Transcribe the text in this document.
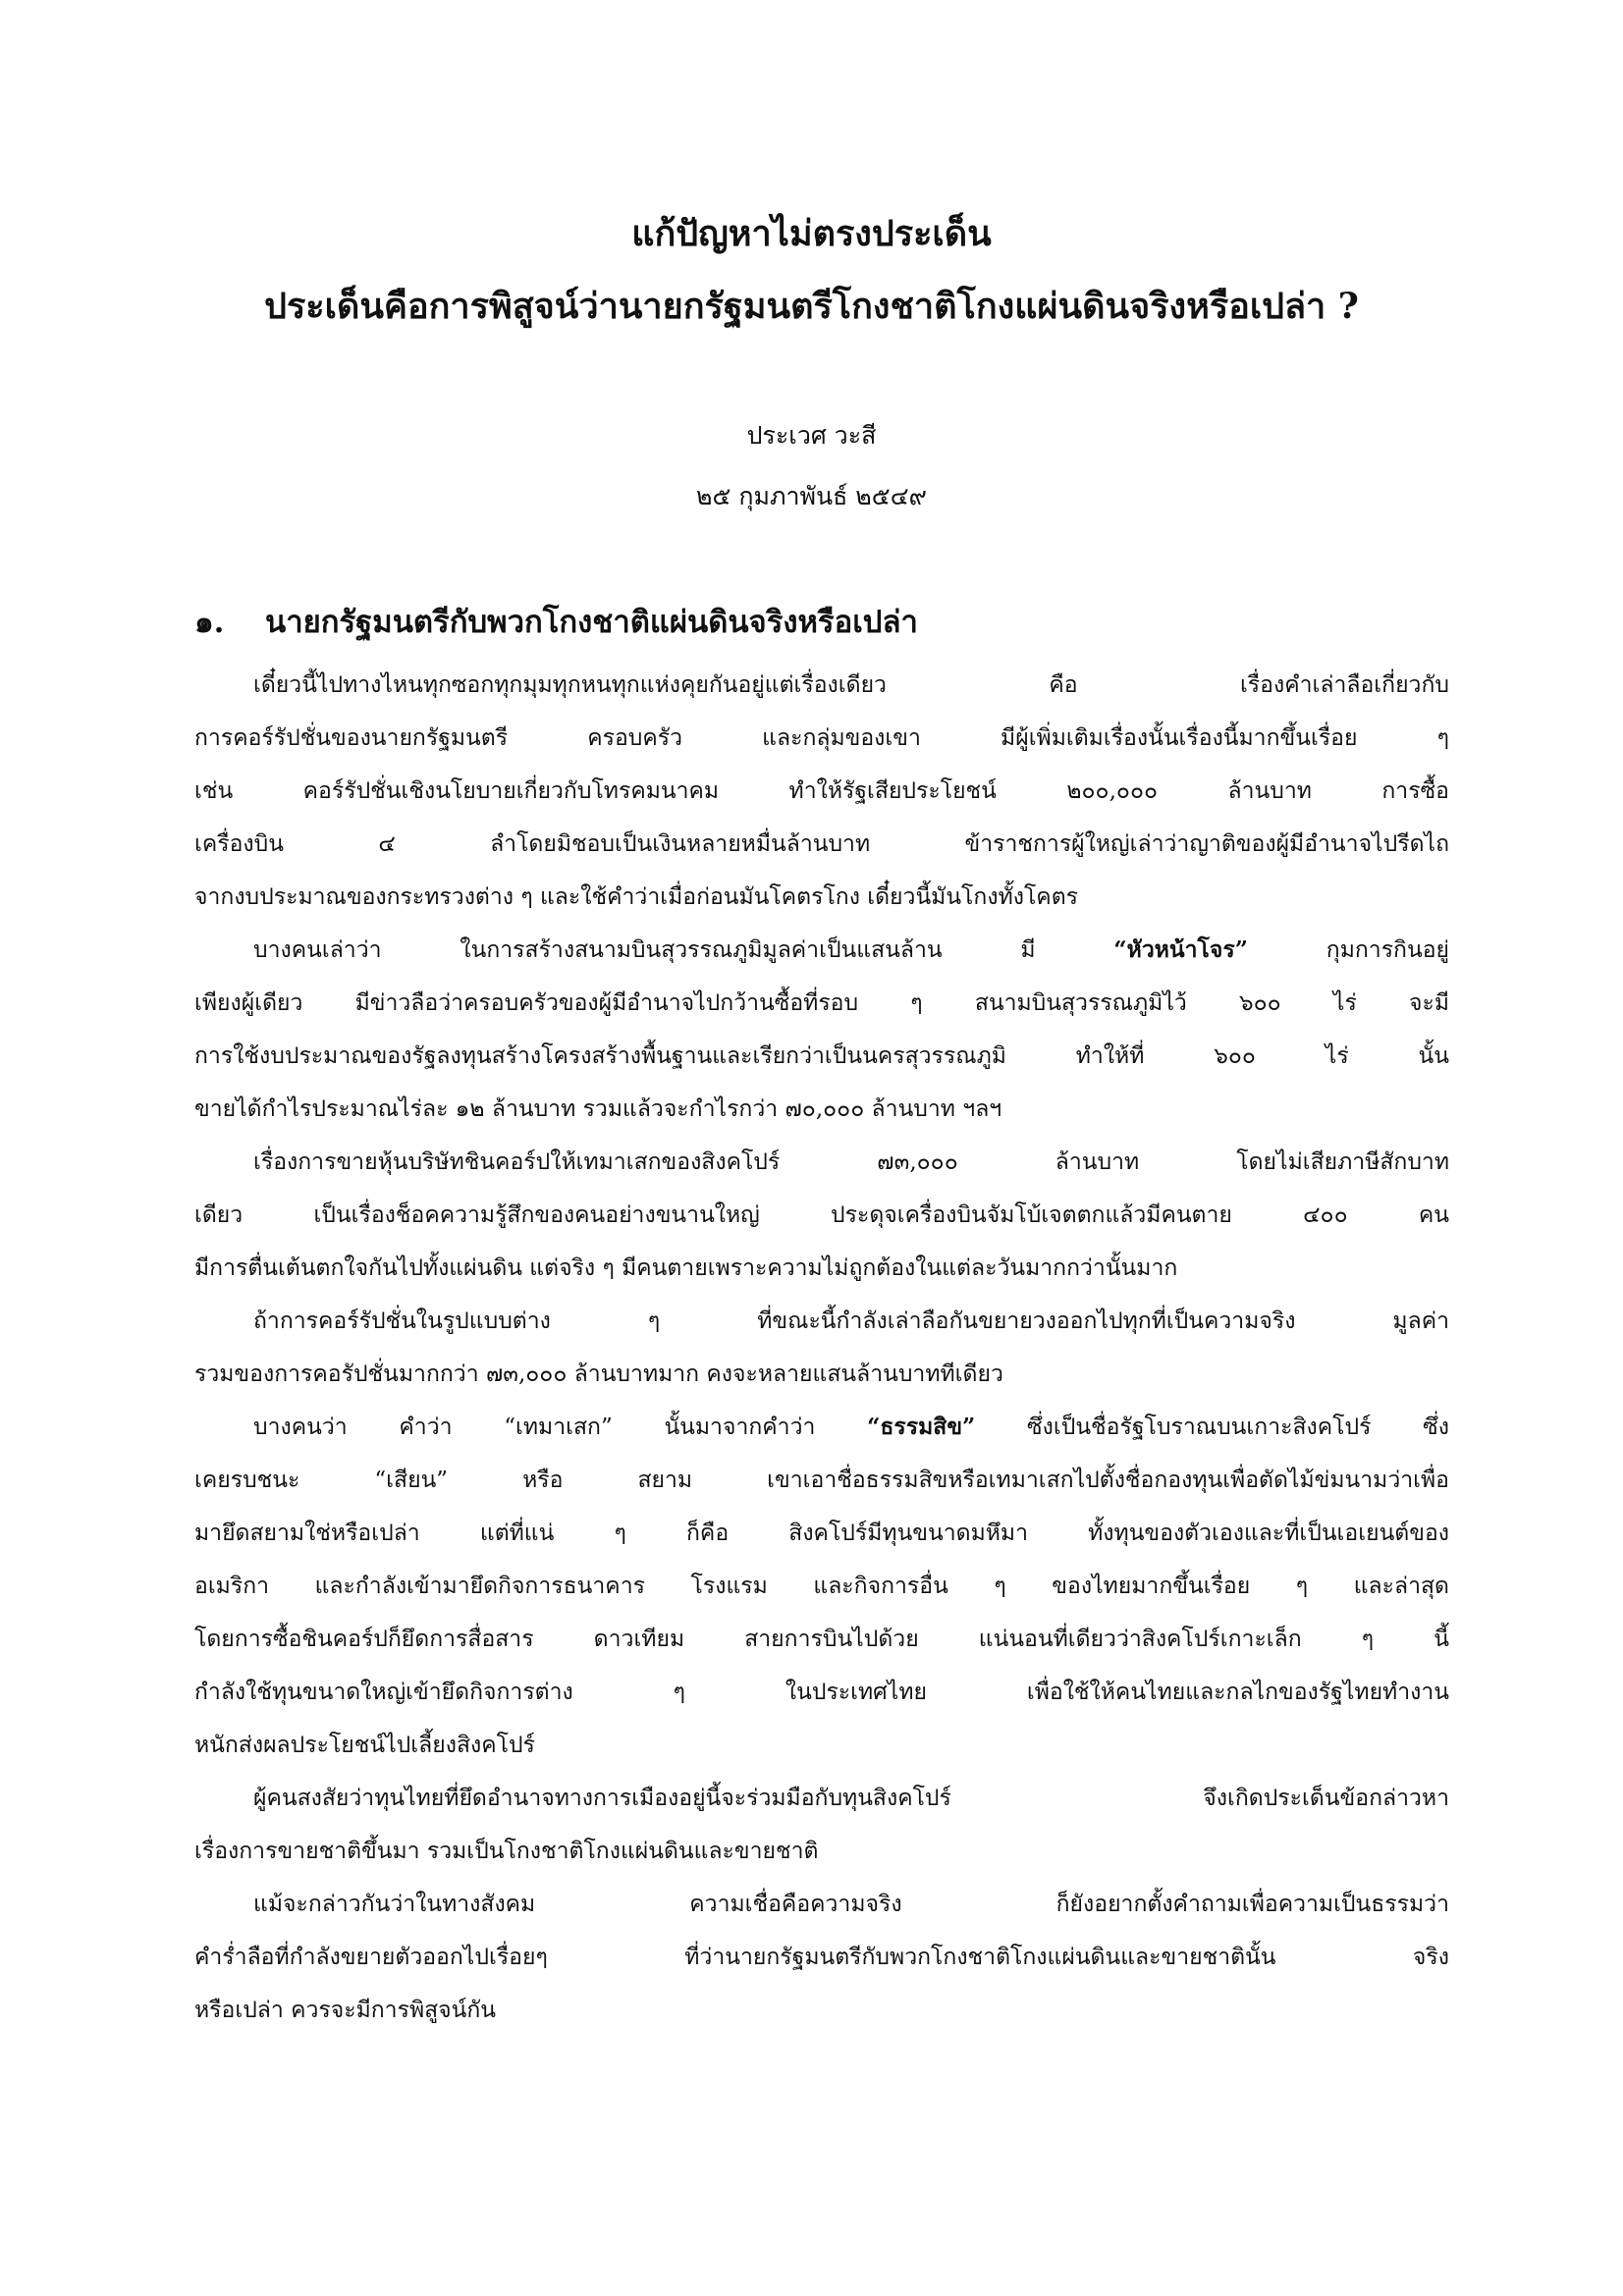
แก้ปัญหาไม่ตรงประเด็น
ประเด็นคือการพิสูจน์ว่านายกรัฐมนตรีโกงชาติโกงแผ่นดินจริงหรือเปล่า ?
ประเวศ วะสี
๒๕ กุมภาพันธ์ ๒๕๔๙
๑. นายกรัฐมนตรีกับพวกโกงชาติแผ่นดินจริงหรือเปล่า
เดี๋ยวนี้ไปทางไหนทุกซอกทุกมุมทุกหนทุกแห่งคุยกันอยู่แต่เรื่องเดียว คือ เรื่องคำเล่าลือเกี่ยวกับ
การคอร์รัปชั่นของนายกรัฐมนตรี ครอบครัว และกลุ่มของเขา มีผู้เพิ่มเติมเรื่องนั้นเรื่องนี้มากขึ้นเรื่อย ๆ
เช่น คอร์รัปชั่นเชิงนโยบายเกี่ยวกับโทรคมนาคม ทำให้รัฐเสียประโยชน์ ๒๐๐,๐๐๐ ล้านบาท การซื้อ
เครื่องบิน ๔ ลำโดยมิชอบเป็นเงินหลายหมื่นล้านบาท ข้าราชการผู้ใหญ่เล่าว่าญาติของผู้มีอำนาจไปรีดไถ
จากงบประมาณของกระทรวงต่าง ๆ และใช้คำว่าเมื่อก่อนมันโคตรโกง เดี๋ยวนี้มันโกงทั้งโคตร
บางคนเล่าว่า ในการสร้างสนามบินสุวรรณภูมิมูลค่าเป็นแสนล้าน มี “หัวหน้าโจร” กุมการกินอยู่
เพียงผู้เดียว มีข่าวลือว่าครอบครัวของผู้มีอำนาจไปกว้านซื้อที่รอบ ๆ สนามบินสุวรรณภูมิไว้ ๖๐๐ ไร่ จะมี
การใช้งบประมาณของรัฐลงทุนสร้างโครงสร้างพื้นฐานและเรียกว่าเป็นนครสุวรรณภูมิ ทำให้ที่ ๖๐๐ ไร่ นั้น
ขายได้กำไรประมาณไร่ละ ๑๒ ล้านบาท รวมแล้วจะกำไรกว่า ๗๐,๐๐๐ ล้านบาท ฯลฯ
เรื่องการขายหุ้นบริษัทชินคอร์ปให้เทมาเสกของสิงคโปร์ ๗๓,๐๐๐ ล้านบาท โดยไม่เสียภาษีสักบาท
เดียว เป็นเรื่องช็อคความรู้สึกของคนอย่างขนานใหญ่ ประดุจเครื่องบินจัมโบ้เจตตกแล้วมีคนตาย ๔๐๐ คน
มีการตื่นเต้นตกใจกันไปทั้งแผ่นดิน แต่จริง ๆ มีคนตายเพราะความไม่ถูกต้องในแต่ละวันมากกว่านั้นมาก
ถ้าการคอร์รัปชั่นในรูปแบบต่าง ๆ ที่ขณะนี้กำลังเล่าลือกันขยายวงออกไปทุกที่เป็นความจริง มูลค่า
รวมของการคอรัปชั่นมากกว่า ๗๓,๐๐๐ ล้านบาทมาก คงจะหลายแสนล้านบาททีเดียว
บางคนว่า คำว่า “เทมาเสก” นั้นมาจากคำว่า “ธรรมสิข” ซึ่งเป็นชื่อรัฐโบราณบนเกาะสิงคโปร์ ซึ่ง
เคยรบชนะ “เสียน” หรือ สยาม เขาเอาชื่อธรรมสิขหรือเทมาเสกไปตั้งชื่อกองทุนเพื่อตัดไม้ข่มนามว่าเพื่อ
มายึดสยามใช่หรือเปล่า แต่ที่แน่ ๆ ก็คือ สิงคโปร์มีทุนขนาดมหึมา ทั้งทุนของตัวเองและที่เป็นเอเยนต์ของ
อเมริกา และกำลังเข้ามายึดกิจการธนาคาร โรงแรม และกิจการอื่น ๆ ของไทยมากขึ้นเรื่อย ๆ และล่าสุด
โดยการซื้อชินคอร์ปก็ยึดการสื่อสาร ดาวเทียม สายการบินไปด้วย แน่นอนที่เดียวว่าสิงคโปร์เกาะเล็ก ๆ นี้
กำลังใช้ทุนขนาดใหญ่เข้ายึดกิจการต่าง ๆ ในประเทศไทย เพื่อใช้ให้คนไทยและกลไกของรัฐไทยทำงาน
หนักส่งผลประโยชน์ไปเลี้ยงสิงคโปร์
ผู้คนสงสัยว่าทุนไทยที่ยึดอำนาจทางการเมืองอยู่นี้จะร่วมมือกับทุนสิงคโปร์ จึงเกิดประเด็นข้อกล่าวหา
เรื่องการขายชาติขึ้นมา รวมเป็นโกงชาติโกงแผ่นดินและขายชาติ
แม้จะกล่าวกันว่าในทางสังคม ความเชื่อคือความจริง ก็ยังอยากตั้งคำถามเพื่อความเป็นธรรมว่า
คำร่ำลือที่กำลังขยายตัวออกไปเรื่อยๆ ที่ว่านายกรัฐมนตรีกับพวกโกงชาติโกงแผ่นดินและขายชาตินั้น จริง
หรือเปล่า ควรจะมีการพิสูจน์กัน
